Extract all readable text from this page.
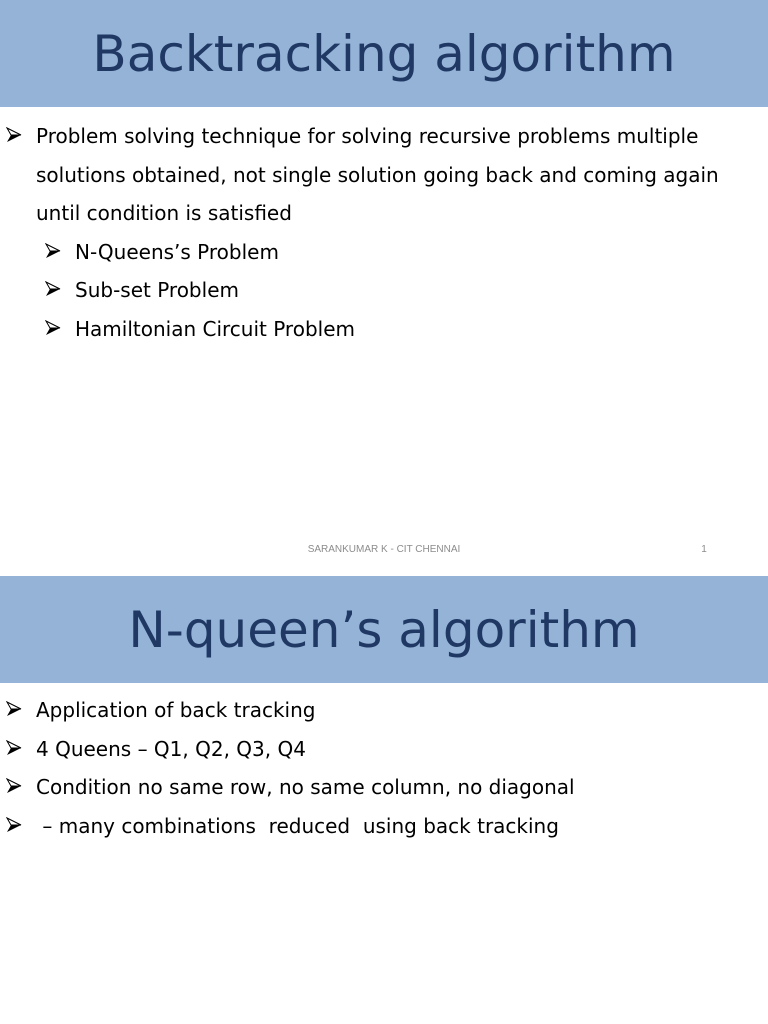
Backtracking algorithm
Problem solving technique for solving recursive problems multiple solutions obtained, not single solution going back and coming again until condition is satisfied
N-Queens’s Problem
Sub-set Problem
Hamiltonian Circuit Problem
SARANKUMAR K - CIT CHENNAI	1
N-queen’s algorithm
Application of back tracking
4 Queens – Q1, Q2, Q3, Q4
Condition no same row, no same column, no diagonal
– many combinations  reduced  using back tracking
